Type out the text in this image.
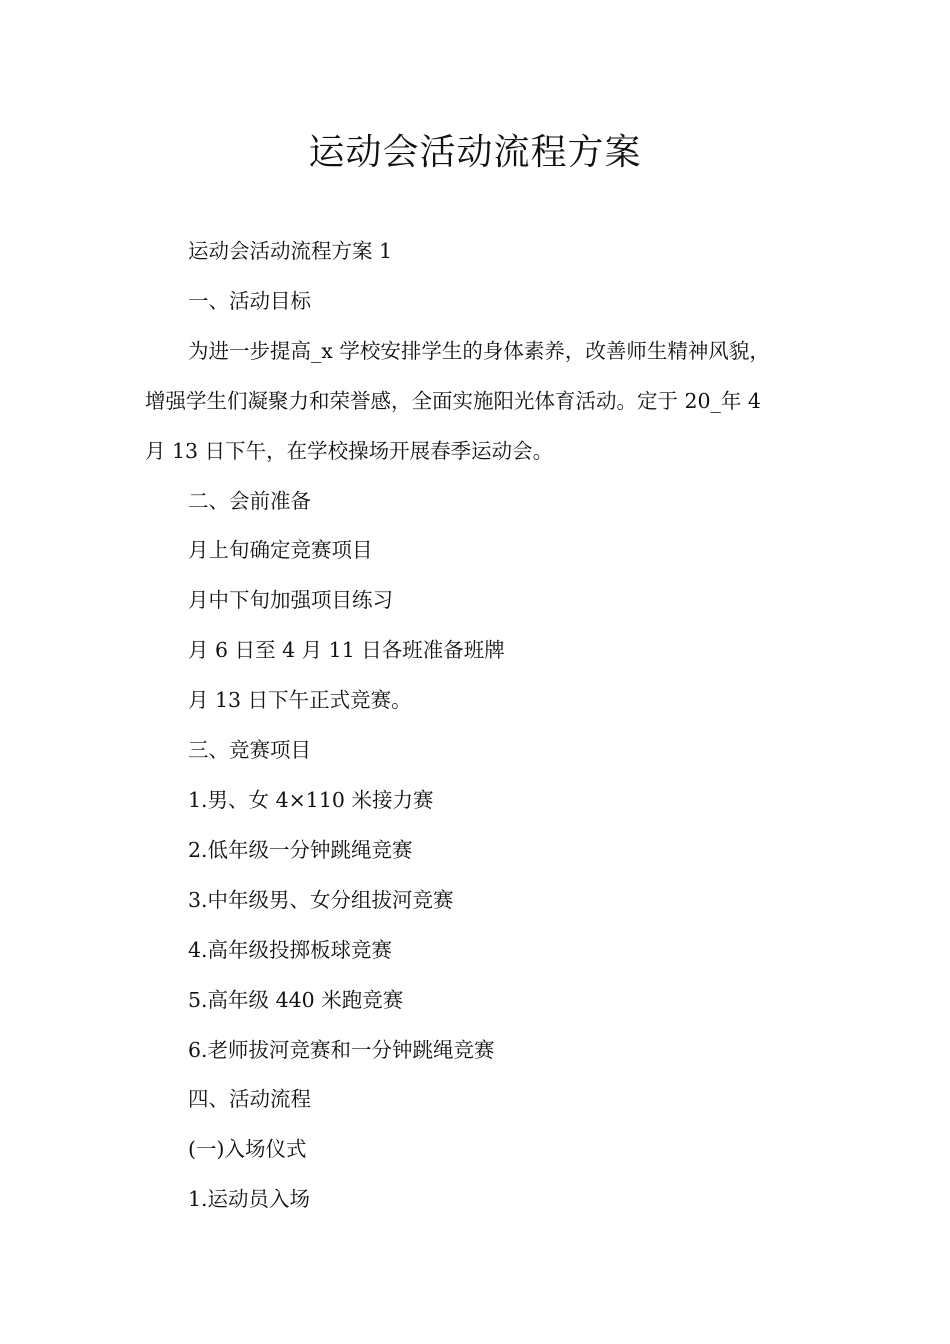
运动会活动流程方案

运动会活动流程方案 1

一、活动目标

为进一步提高_x 学校安排学生的身体素养，改善师生精神风貌，

增强学生们凝聚力和荣誉感，全面实施阳光体育活动。定于 20_年 4

月 13 日下午，在学校操场开展春季运动会。

二、会前准备

月上旬确定竞赛项目

月中下旬加强项目练习

月 6 日至 4 月 11 日各班准备班牌

月 13 日下午正式竞赛。

三、竞赛项目

1.男、女 4×110 米接力赛

2.低年级一分钟跳绳竞赛

3.中年级男、女分组拔河竞赛

4.高年级投掷板球竞赛

5.高年级 440 米跑竞赛

6.老师拔河竞赛和一分钟跳绳竞赛

四、活动流程

(一)入场仪式

1.运动员入场
